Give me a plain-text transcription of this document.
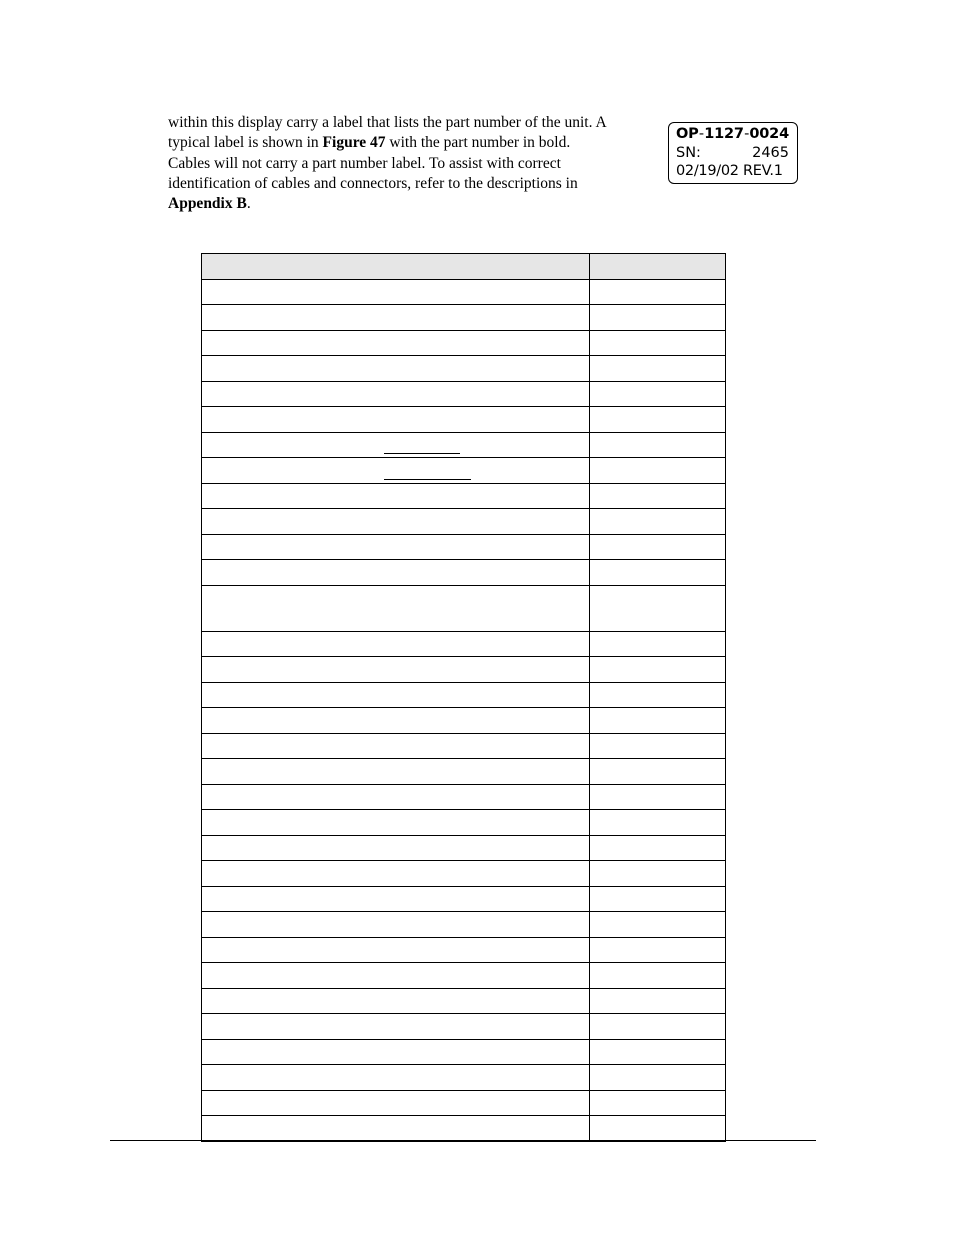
within this display carry a label that lists the part number of the unit. A typical label is shown in Figure 47 with the part number in bold.

Cables will not carry a part number label. To assist with correct identification of cables and connectors, refer to the descriptions in Appendix B.

OP - 1127 - 0024
SN:	2465
02/19/02 REV.1
